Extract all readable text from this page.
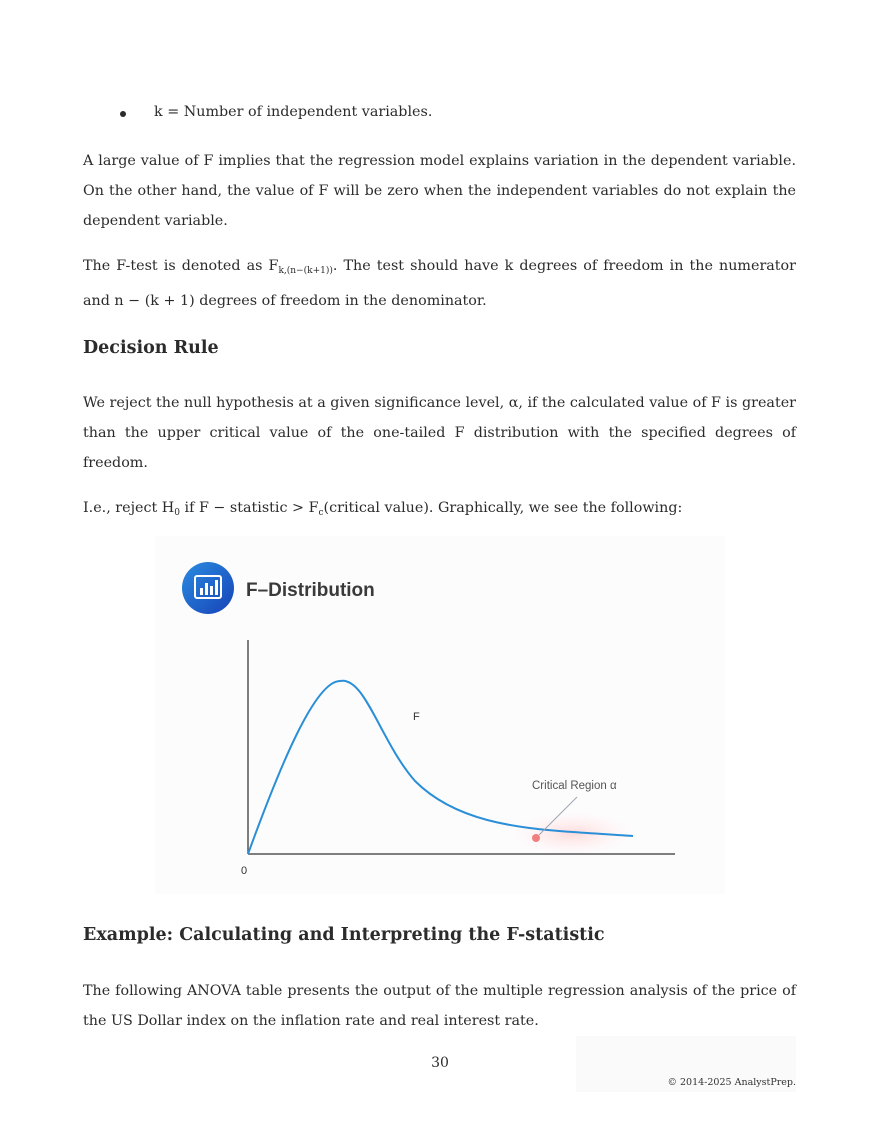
k = Number of independent variables.

A large value of F implies that the regression model explains variation in the dependent variable. On the other hand, the value of F will be zero when the independent variables do not explain the dependent variable.

The F-test is denoted as $F_{k,(n-(k+1))}$. The test should have k degrees of freedom in the numerator and n − (k + 1) degrees of freedom in the denominator.

Decision Rule

We reject the null hypothesis at a given significance level, α, if the calculated value of F is greater than the upper critical value of the one-tailed F distribution with the specified degrees of freedom.

I.e., reject $H_0$ if F − statistic > $F_c(critical$ value). Graphically, we see the following:

F–Distribution
F
Critical Region α
0
Example: Calculating and Interpreting the F-statistic

The following ANOVA table presents the output of the multiple regression analysis of the price of the US Dollar index on the inflation rate and real interest rate.

30
© 2014-2025 AnalystPrep.
